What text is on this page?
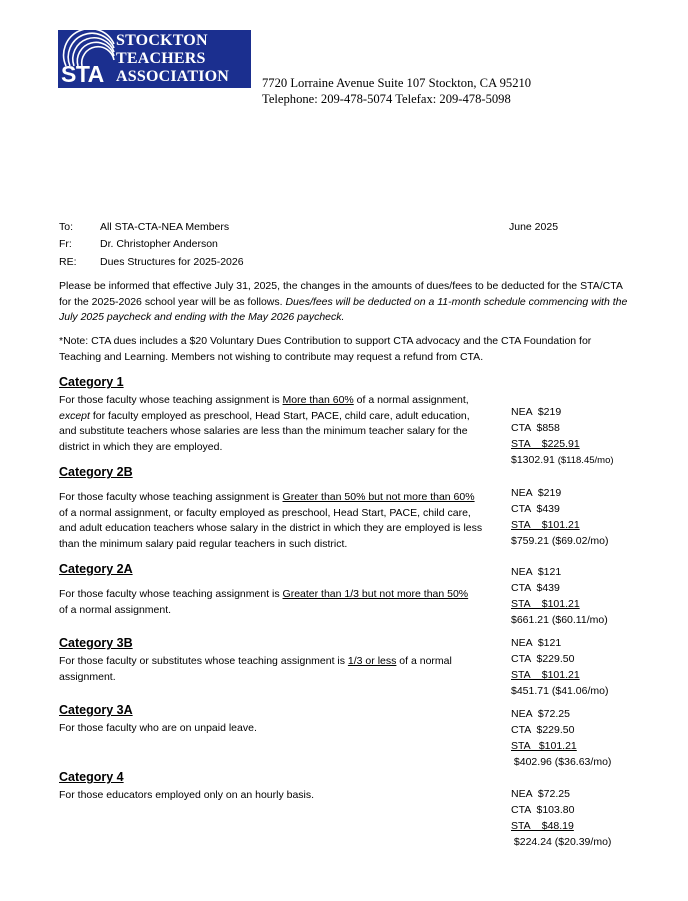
STA
STOCKTON
TEACHERS
ASSOCIATION	7720 Lorraine Avenue Suite 107 Stockton, CA 95210
Telephone: 209-478-5074 Telefax: 209-478-5098
To:	All STA-CTA-NEA Members	June 2025
Fr:	Dr. Christopher Anderson
RE: Dues Structures for 2025-2026
Please be informed that effective July 31, 2025, the changes in the amounts of dues/fees to be deducted for the STA/CTA for the 2025-2026 school year will be as follows. Dues/fees will be deducted on a 11-month schedule commencing with the July 2025 paycheck and ending with the May 2026 paycheck.
*Note: CTA dues includes a $20 Voluntary Dues Contribution to support CTA advocacy and the CTA Foundation for Teaching and Learning. Members not wishing to contribute may request a refund from CTA.
Category 1
For those faculty whose teaching assignment is More than 60% of a normal assignment, except for faculty employed as preschool, Head Start, PACE, child care, adult education, and substitute teachers whose salaries are less than the minimum teacher salary for the district in which they are employed.
NEA  $219
CTA  $858
STA    $225.91
$1302.91 ($118.45/mo)
Category 2B
For those faculty whose teaching assignment is Greater than 50% but not more than 60% of a normal assignment, or faculty employed as preschool, Head Start, PACE, child care, and adult education teachers whose salary in the district in which they are employed is less than the minimum salary paid regular teachers in such district.
NEA  $219
CTA  $439
STA    $101.21
$759.21 ($69.02/mo)
Category 2A
For those faculty whose teaching assignment is Greater than 1/3 but not more than 50% of a normal assignment.
NEA  $121
CTA  $439
STA    $101.21
$661.21 ($60.11/mo)
Category 3B
For those faculty or substitutes whose teaching assignment is 1/3 or less of a normal assignment.
NEA  $121
CTA  $229.50
STA    $101.21
$451.71 ($41.06/mo)
Category 3A
For those faculty who are on unpaid leave.
NEA  $72.25
CTA  $229.50
STA   $101.21
$402.96 ($36.63/mo)
Category 4
For those educators employed only on an hourly basis.	NEA  $72.25
CTA  $103.80
STA    $48.19
$224.24 ($20.39/mo)
